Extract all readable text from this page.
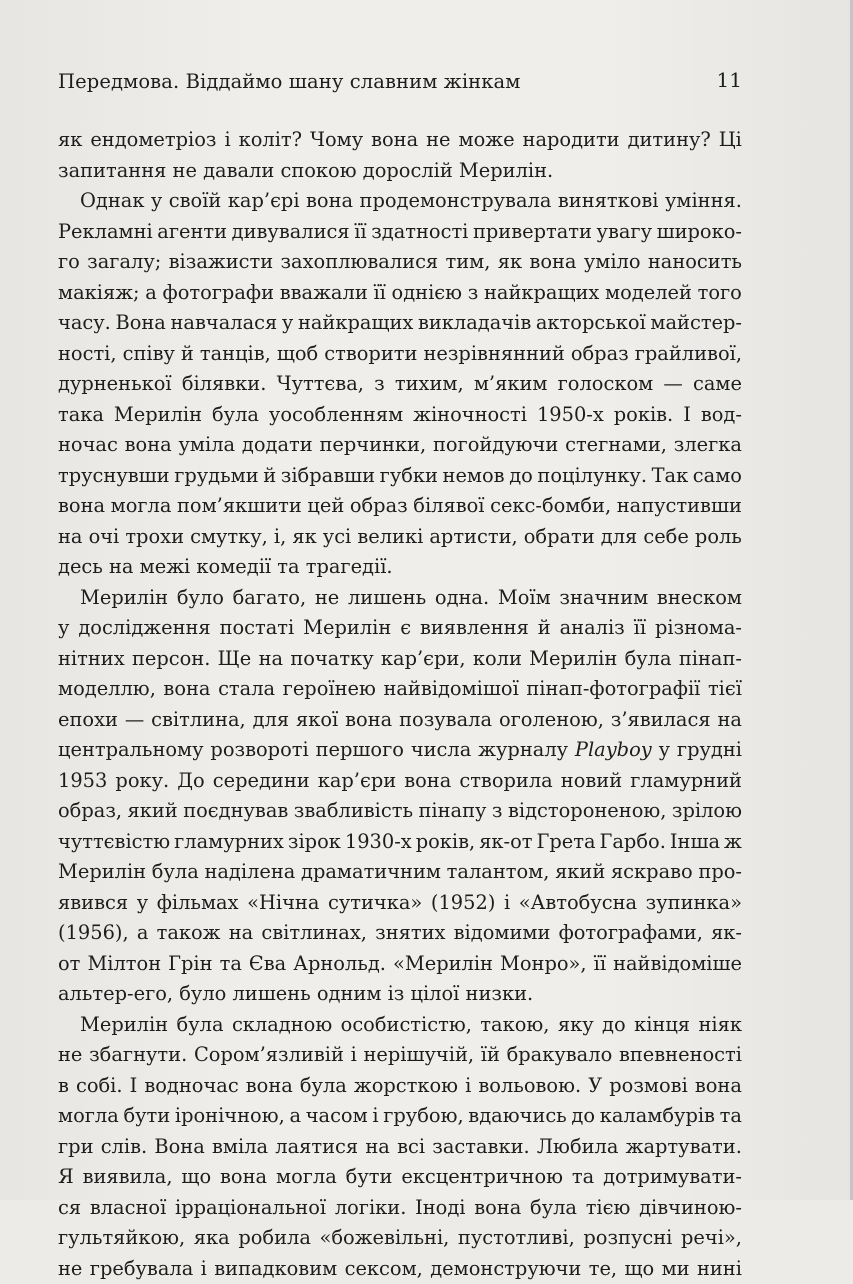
Передмова. Віддаймо шану славним жінкам	11
як ендометріоз і коліт? Чому вона не може народити дитину? Ці
запитання не давали спокою дорослій Мерилін.
Однак у своїй кар’єрі вона продемонструвала виняткові уміння.
Рекламні агенти дивувалися її здатності привертати увагу широко-
го загалу; візажисти захоплювалися тим, як вона уміло наносить
макіяж; а фотографи вважали її однією з найкращих моделей того
часу. Вона навчалася у найкращих викладачів акторської майстер-
ності, співу й танців, щоб створити незрівнянний образ грайливої,
дурненької білявки. Чуттєва, з тихим, м’яким голоском — саме
така Мерилін була уособленням жіночності 1950-х років. І вод-
ночас вона уміла додати перчинки, погойдуючи стегнами, злегка
труснувши грудьми й зібравши губки немов до поцілунку. Так само
вона могла пом’якшити цей образ білявої секс-бомби, напустивши
на очі трохи смутку, і, як усі великі артисти, обрати для себе роль
десь на межі комедії та трагедії.
Мерилін було багато, не лишень одна. Моїм значним внеском
у дослідження постаті Мерилін є виявлення й аналіз її різнома-
нітних персон. Ще на початку кар’єри, коли Мерилін була пінап-
моделлю, вона стала героїнею найвідомішої пінап-фотографії тієї
епохи — світлина, для якої вона позувала оголеною, з’явилася на
центральному розвороті першого числа журналу Playboy у грудні
1953 року. До середини кар’єри вона створила новий гламурний
образ, який поєднував звабливість пінапу з відстороненою, зрілою
чуттєвістю гламурних зірок 1930-х років, як-от Грета Гарбо. Інша ж
Мерилін була наділена драматичним талантом, який яскраво про-
явився у фільмах «Нічна сутичка» (1952) і «Автобусна зупинка»
(1956), а також на світлинах, знятих відомими фотографами, як-
от Мілтон Грін та Єва Арнольд. «Мерилін Монро», її найвідоміше
альтер-его, було лишень одним із цілої низки.
Мерилін була складною особистістю, такою, яку до кінця ніяк
не збагнути. Сором’язливій і нерішучій, їй бракувало впевненості
в собі. І водночас вона була жорсткою і вольовою. У розмові вона
могла бути іронічною, а часом і грубою, вдаючись до каламбурів та
гри слів. Вона вміла лаятися на всі заставки. Любила жартувати.
Я виявила, що вона могла бути ексцентричною та дотримувати-
ся власної ірраціональної логіки. Іноді вона була тією дівчиною-
гультяйкою, яка робила «божевільні, пустотливі, розпусні речі»,
не гребувала і випадковим сексом, демонструючи те, що ми нині
